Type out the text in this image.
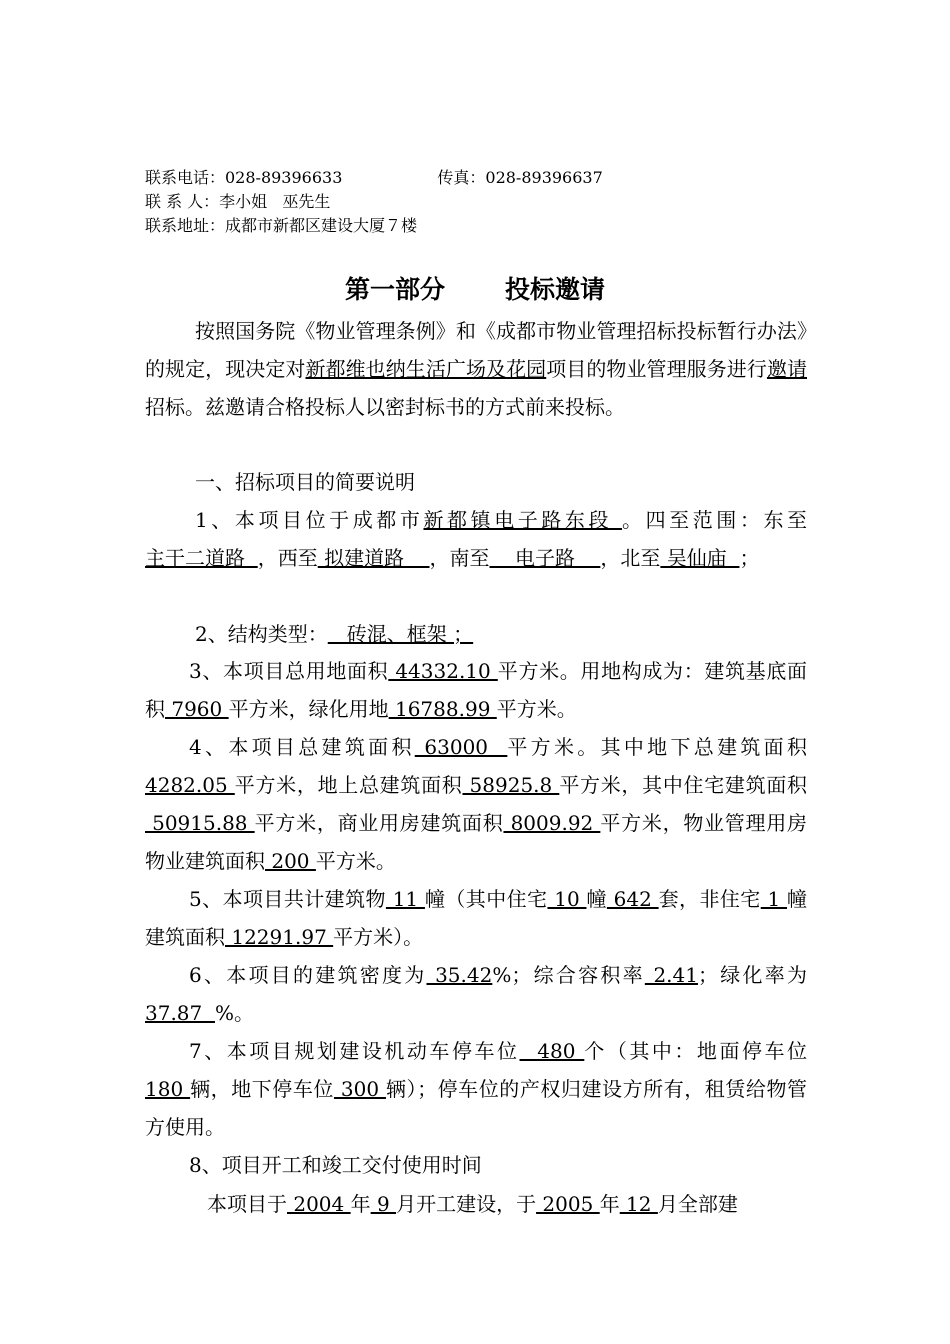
联系电话：028-89396633	传真：028-89396637
联 系 人：李小姐   巫先生
联系地址：成都市新都区建设大厦７楼
第一部分 投标邀请
按照国务院《物业管理条例》和《成都市物业管理招标投标暂行办法》的规定，现决定对新都维也纳生活广场及花园项目的物业管理服务进行邀请招标。兹邀请合格投标人以密封标书的方式前来投标。
一、招标项目的简要说明
1、本项目位于成都市新都镇电子路东段 。四至范围：东至主干二道路  ，西至 拟建道路    ，南至    电子路    ，北至 吴仙庙  ；
2、结构类型：   砖混、框架 ；
3、本项目总用地面积 44332.10 平方米。用地构成为：建筑基底面积 7960 平方米，绿化用地 16788.99 平方米。
4、本项目总建筑面积 63000  平方米。其中地下总建筑面积4282.05 平方米，地上总建筑面积 58925.8 平方米，其中住宅建筑面积 50915.88 平方米，商业用房建筑面积 8009.92 平方米，物业管理用房物业建筑面积 200 平方米。
5、本项目共计建筑物 11 幢（其中住宅 10 幢 642 套，非住宅 1 幢建筑面积 12291.97 平方米）。
6、本项目的建筑密度为 35.42%；综合容积率 2.41；绿化率为37.87  %。
7、本项目规划建设机动车停车位  480 个（其中：地面停车位180 辆，地下停车位 300 辆）；停车位的产权归建设方所有，租赁给物管方使用。
8、项目开工和竣工交付使用时间
本项目于 2004 年 9 月开工建设，于 2005 年 12 月全部建
